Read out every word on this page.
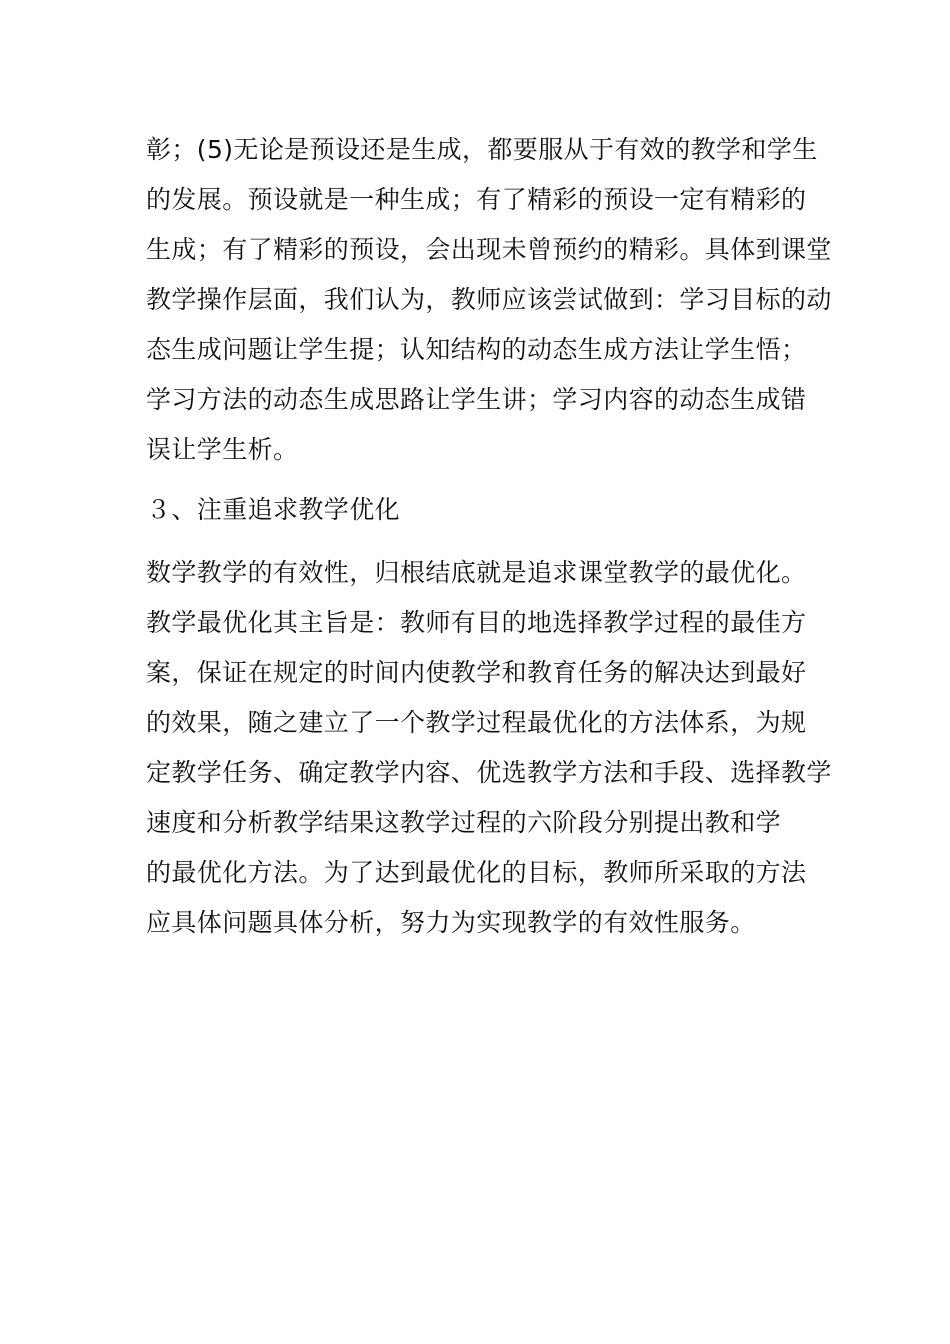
彰；(5)无论是预设还是生成，都要服从于有效的教学和学生
的发展。预设就是一种生成；有了精彩的预设一定有精彩的
生成；有了精彩的预设，会出现未曾预约的精彩。具体到课堂
教学操作层面，我们认为，教师应该尝试做到：学习目标的动
态生成问题让学生提；认知结构的动态生成方法让学生悟；
学习方法的动态生成思路让学生讲；学习内容的动态生成错
误让学生析。
３、注重追求教学优化
数学教学的有效性，归根结底就是追求课堂教学的最优化。
教学最优化其主旨是：教师有目的地选择教学过程的最佳方
案，保证在规定的时间内使教学和教育任务的解决达到最好
的效果，随之建立了一个教学过程最优化的方法体系，为规
定教学任务、确定教学内容、优选教学方法和手段、选择教学
速度和分析教学结果这教学过程的六阶段分别提出教和学
的最优化方法。为了达到最优化的目标，教师所采取的方法
应具体问题具体分析，努力为实现教学的有效性服务。
